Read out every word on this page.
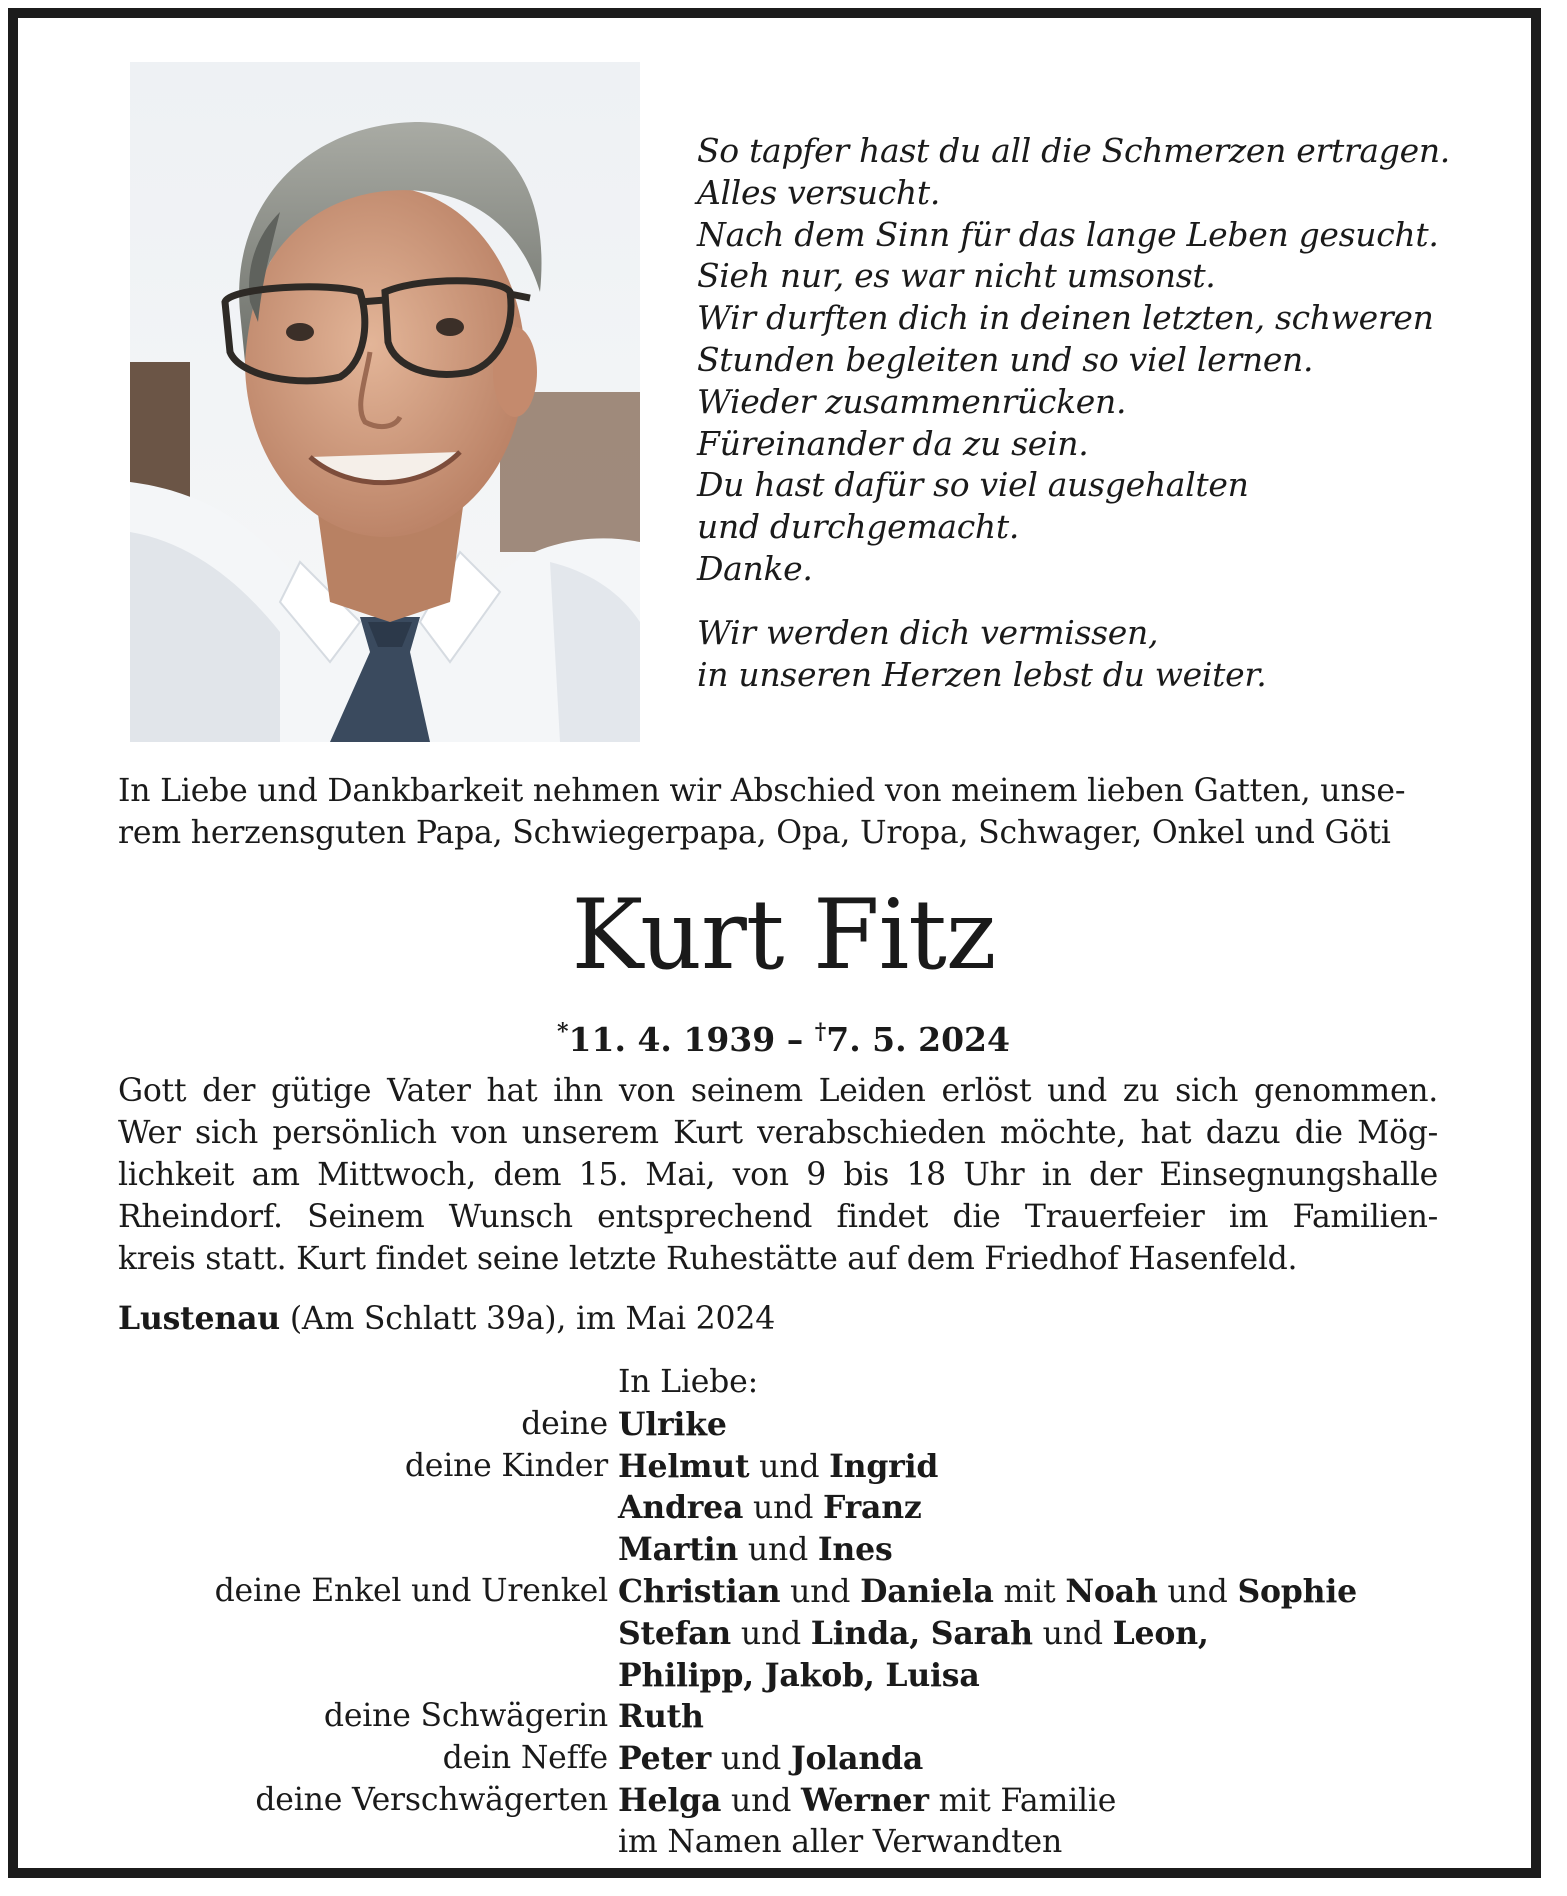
So tapfer hast du all die Schmerzen ertragen.
Alles versucht.
Nach dem Sinn für das lange Leben gesucht.
Sieh nur, es war nicht umsonst.
Wir durften dich in deinen letzten, schweren
Stunden begleiten und so viel lernen.
Wieder zusammenrücken.
Füreinander da zu sein.
Du hast dafür so viel ausgehalten
und durchgemacht.
Danke.
Wir werden dich vermissen,
in unseren Herzen lebst du weiter.
In Liebe und Dankbarkeit nehmen wir Abschied von meinem lieben Gatten, unse-
rem herzensguten Papa, Schwiegerpapa, Opa, Uropa, Schwager, Onkel und Göti
Kurt Fitz
*11. 4. 1939 – †7. 5. 2024
Gott der gütige Vater hat ihn von seinem Leiden erlöst und zu sich genommen.
Wer sich persönlich von unserem Kurt verabschieden möchte, hat dazu die Mög-
lichkeit am Mittwoch, dem 15. Mai, von 9 bis 18 Uhr in der Einsegnungshalle
Rheindorf. Seinem Wunsch entsprechend findet die Trauerfeier im Familien-
kreis statt. Kurt findet seine letzte Ruhestätte auf dem Friedhof Hasenfeld.
Lustenau (Am Schlatt 39a), im Mai 2024
In Liebe:
deine Ulrike
deine Kinder Helmut und Ingrid
Andrea und Franz
Martin und Ines
deine Enkel und Urenkel Christian und Daniela mit Noah und Sophie
Stefan und Linda, Sarah und Leon,
Philipp, Jakob, Luisa
deine Schwägerin Ruth
dein Neffe Peter und Jolanda
deine Verschwägerten Helga und Werner mit Familie
im Namen aller Verwandten
